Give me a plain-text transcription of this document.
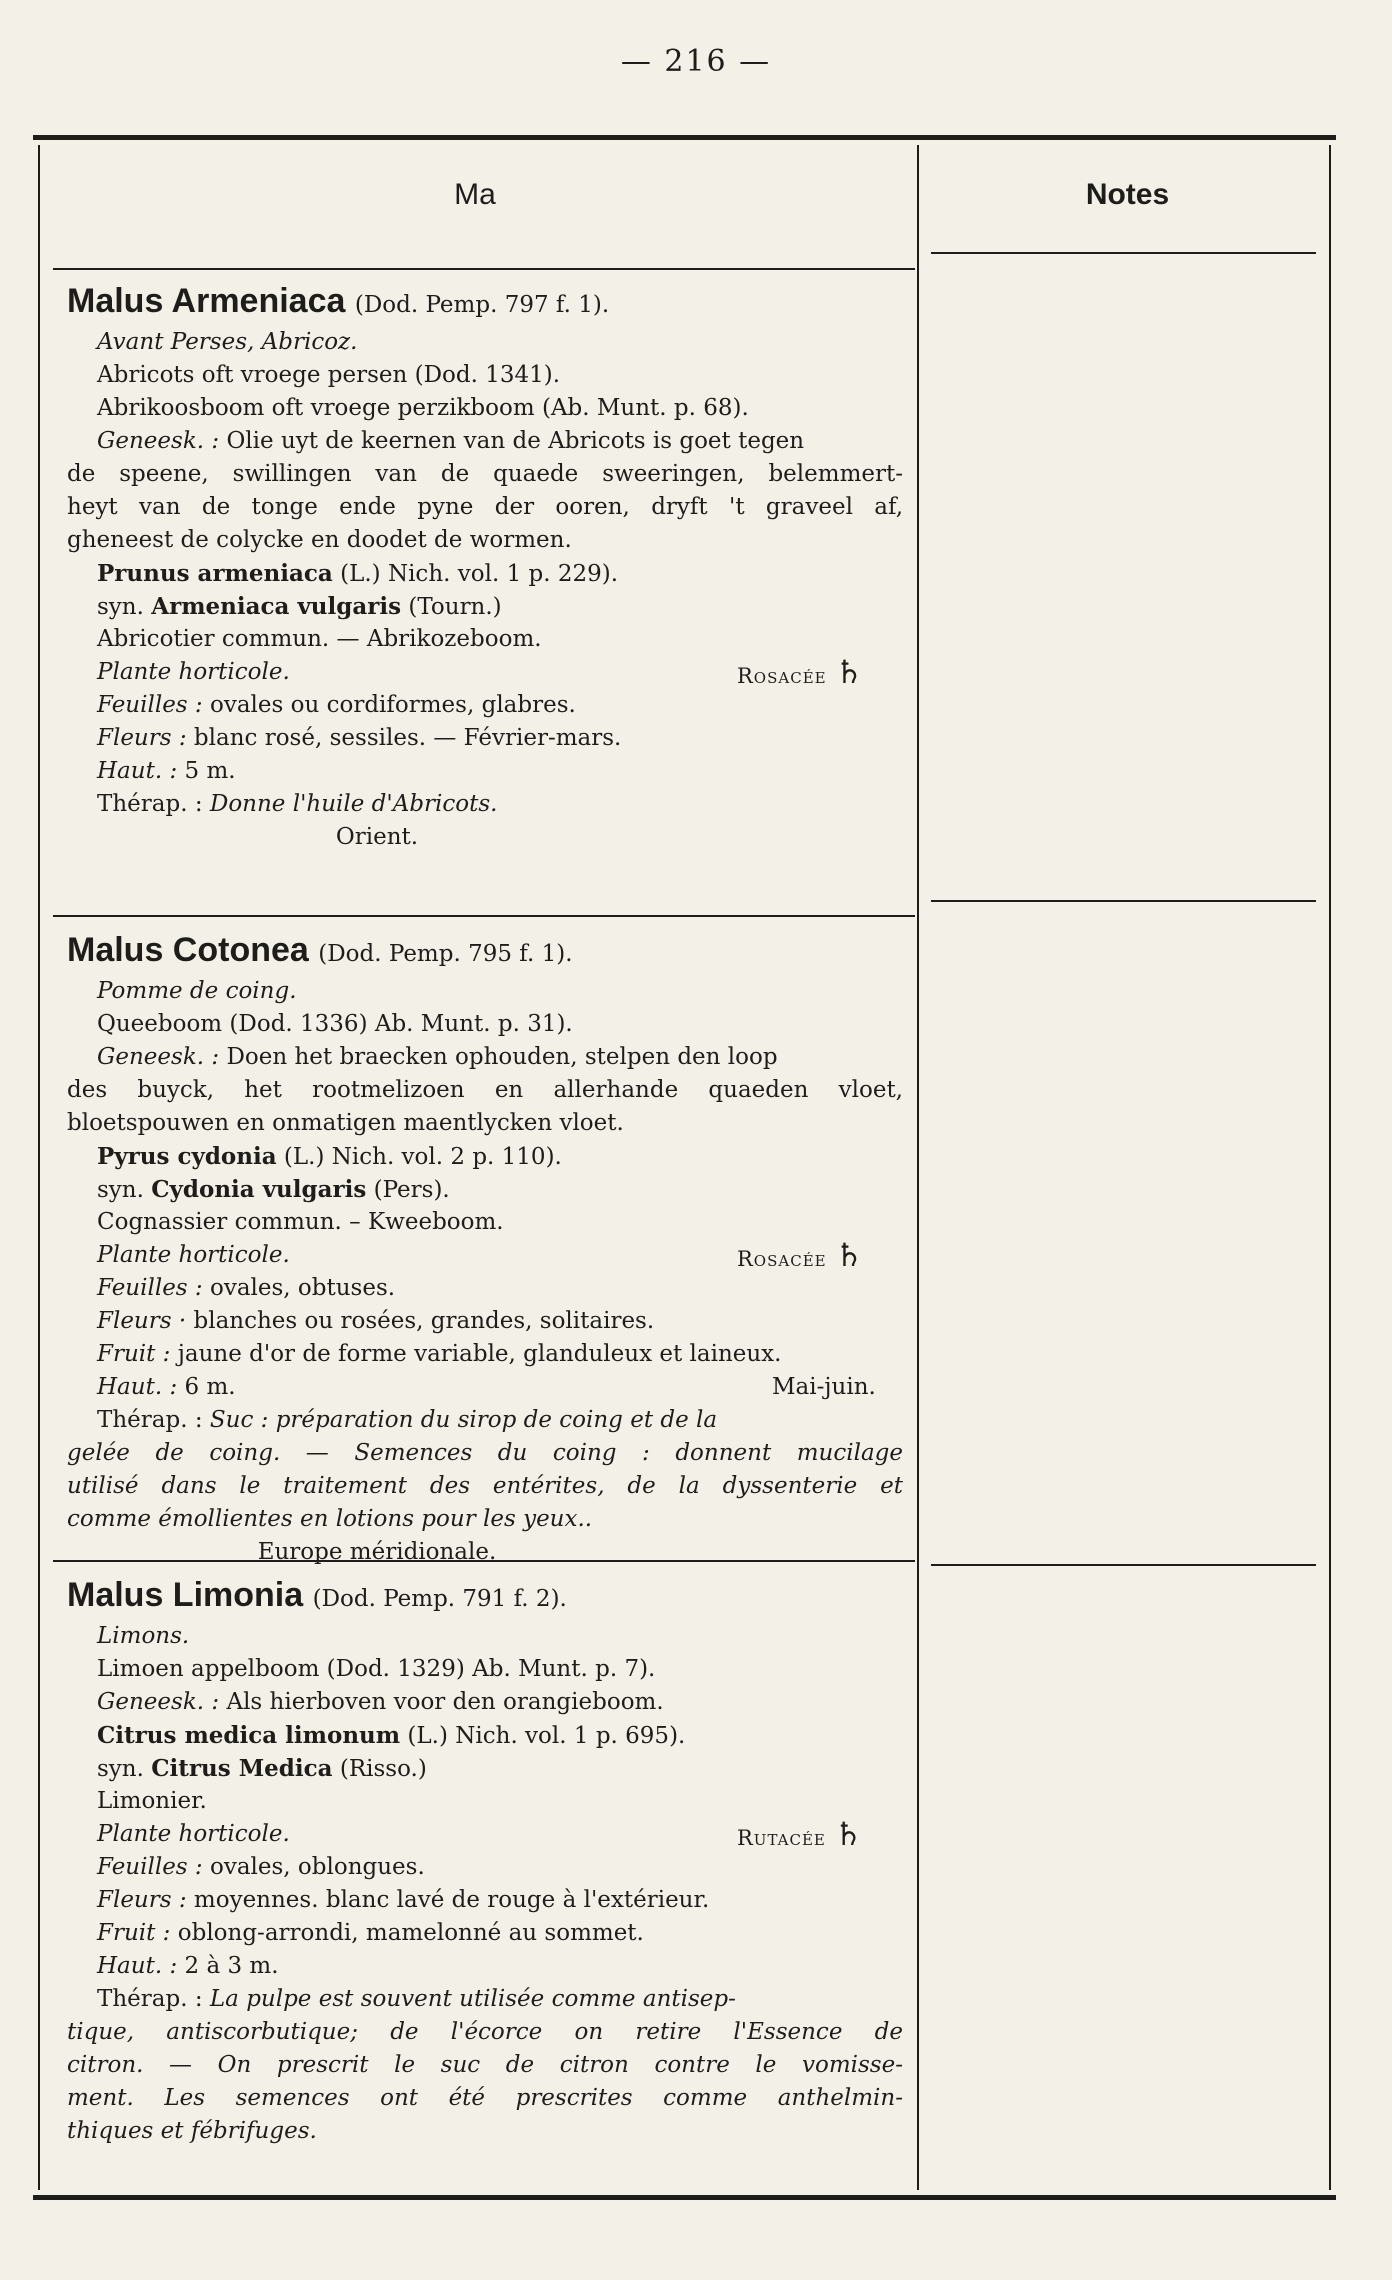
— 216 —
Ma	Notes
Malus Armeniaca (Dod. Pemp. 797 f. 1).
Avant Perses, Abricoz.
Abricots oft vroege persen (Dod. 1341).
Abrikoosboom oft vroege perzikboom (Ab. Munt. p. 68).
Geneesk. : Olie uyt de keernen van de Abricots is goet tegen
de speene, swillingen van de quaede sweeringen, belemmert-
heyt van de tonge ende pyne der ooren, dryft 't graveel af,
gheneest de colycke en doodet de wormen.
Prunus armeniaca (L.) Nich. vol. 1 p. 229).
syn. Armeniaca vulgaris (Tourn.)
Abricotier commun. — Abrikozeboom.
Plante horticole.	Rosacée ♄
Feuilles : ovales ou cordiformes, glabres.
Fleurs : blanc rosé, sessiles. — Février-mars.
Haut. : 5 m.
Thérap. : Donne l'huile d'Abricots.
Orient.
Malus Cotonea (Dod. Pemp. 795 f. 1).
Pomme de coing.
Queeboom (Dod. 1336) Ab. Munt. p. 31).
Geneesk. : Doen het braecken ophouden, stelpen den loop
des buyck, het rootmelizoen en allerhande quaeden vloet,
bloetspouwen en onmatigen maentlycken vloet.
Pyrus cydonia (L.) Nich. vol. 2 p. 110).
syn. Cydonia vulgaris (Pers).
Cognassier commun. – Kweeboom.
Plante horticole.	Rosacée ♄
Feuilles : ovales, obtuses.
Fleurs · blanches ou rosées, grandes, solitaires.
Fruit : jaune d'or de forme variable, glanduleux et laineux.
Haut. : 6 m.	Mai-juin.
Thérap. : Suc : préparation du sirop de coing et de la
gelée de coing. — Semences du coing : donnent mucilage
utilisé dans le traitement des entérites, de la dyssenterie et
comme émollientes en lotions pour les yeux..
Europe méridionale.
Malus Limonia (Dod. Pemp. 791 f. 2).
Limons.
Limoen appelboom (Dod. 1329) Ab. Munt. p. 7).
Geneesk. : Als hierboven voor den orangieboom.
Citrus medica limonum (L.) Nich. vol. 1 p. 695).
syn. Citrus Medica (Risso.)
Limonier.
Plante horticole.	Rutacée ♄
Feuilles : ovales, oblongues.
Fleurs : moyennes. blanc lavé de rouge à l'extérieur.
Fruit : oblong-arrondi, mamelonné au sommet.
Haut. : 2 à 3 m.
Thérap. : La pulpe est souvent utilisée comme antisep-
tique, antiscorbutique; de l'écorce on retire l'Essence de
citron. — On prescrit le suc de citron contre le vomisse-
ment. Les semences ont été prescrites comme anthelmin-
thiques et fébrifuges.
